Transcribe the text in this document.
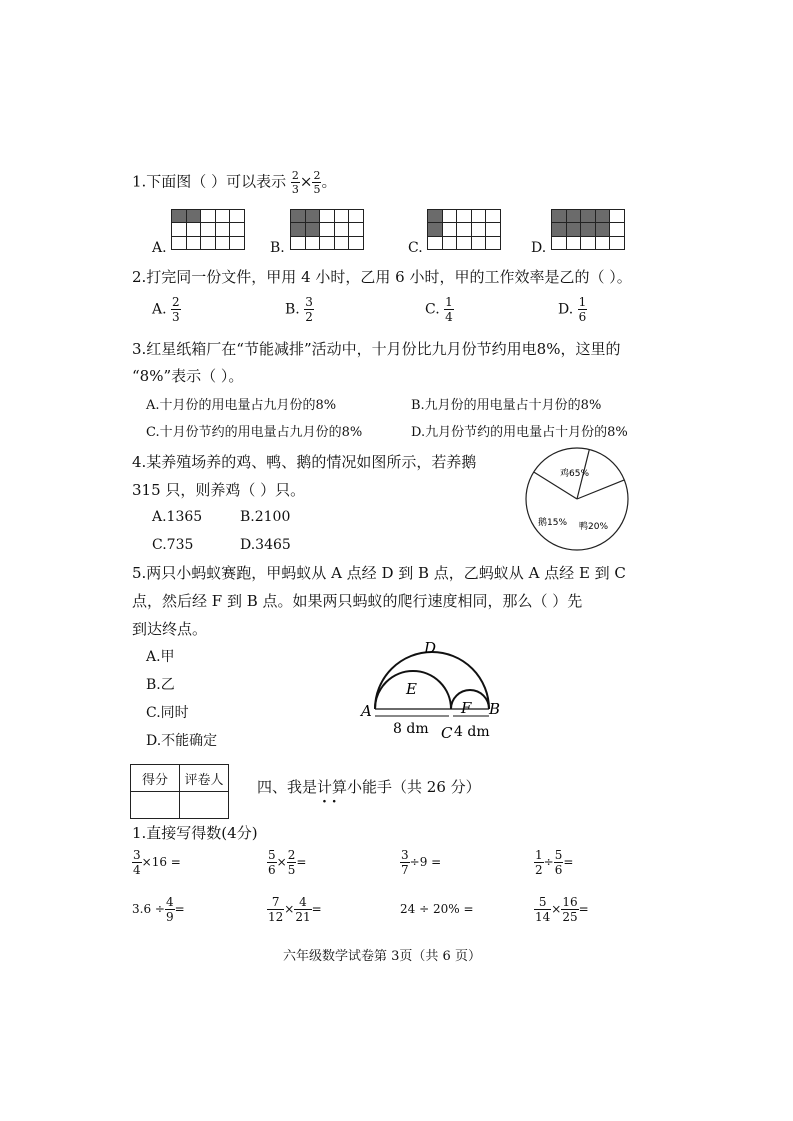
1.下面图（ ）可以表示 $\frac{2}{3} \times \frac{2}{5}$ 。
A.	B.	C.	D.
2.打完同一份文件，甲用 4 小时，乙用 6 小时，甲的工作效率是乙的（ ）。
A. $\frac{2}{3}$	B. $\frac{3}{2}$	C. $\frac{1}{4}$	D. $\frac{1}{6}$
3.红星纸箱厂在“节能减排”活动中，十月份比九月份节约用电8%，这里的
“8%”表示（ ）。
A.十月份的用电量占九月份的8%	B.九月份的用电量占十月份的8%
C.十月份节约的用电量占九月份的8%	D.九月份节约的用电量占十月份的8%
4.某养殖场养的鸡、鸭、鹅的情况如图所示，若养鹅
315 只，则养鸡（ ）只。
A.1365	B.2100
C.735	D.3465
鸡65%
鸭20%
鹅15%
5.两只小蚂蚁赛跑，甲蚂蚁从 A 点经 D 到 B 点，乙蚂蚁从 A 点经 E 到 C
点，然后经 F 到 B 点。如果两只蚂蚁的爬行速度相同，那么（ ）先
到达终点。
A.甲
B.乙
C.同时
D.不能确定
D
E
F
A	B
C
8 dm 4 dm
得分	评卷人
	四、我是计算小能手（共 26 分）
· ·
1.直接写得数(4分)
$\frac{3}{4} \times 16$ =	$\frac{5}{6} \times \frac{2}{5}$ =	$\frac{3}{7} \div 9$ =	$\frac{1}{2} \div \frac{5}{6}$ =
$3.6 \div \frac{4}{9}$ =	$\frac{7}{12} \times \frac{4}{21}$ =	24 ÷ 20% =	$\frac{5}{14} \times \frac{16}{25}$ =
六年级数学试卷第 3页（共 6 页）
